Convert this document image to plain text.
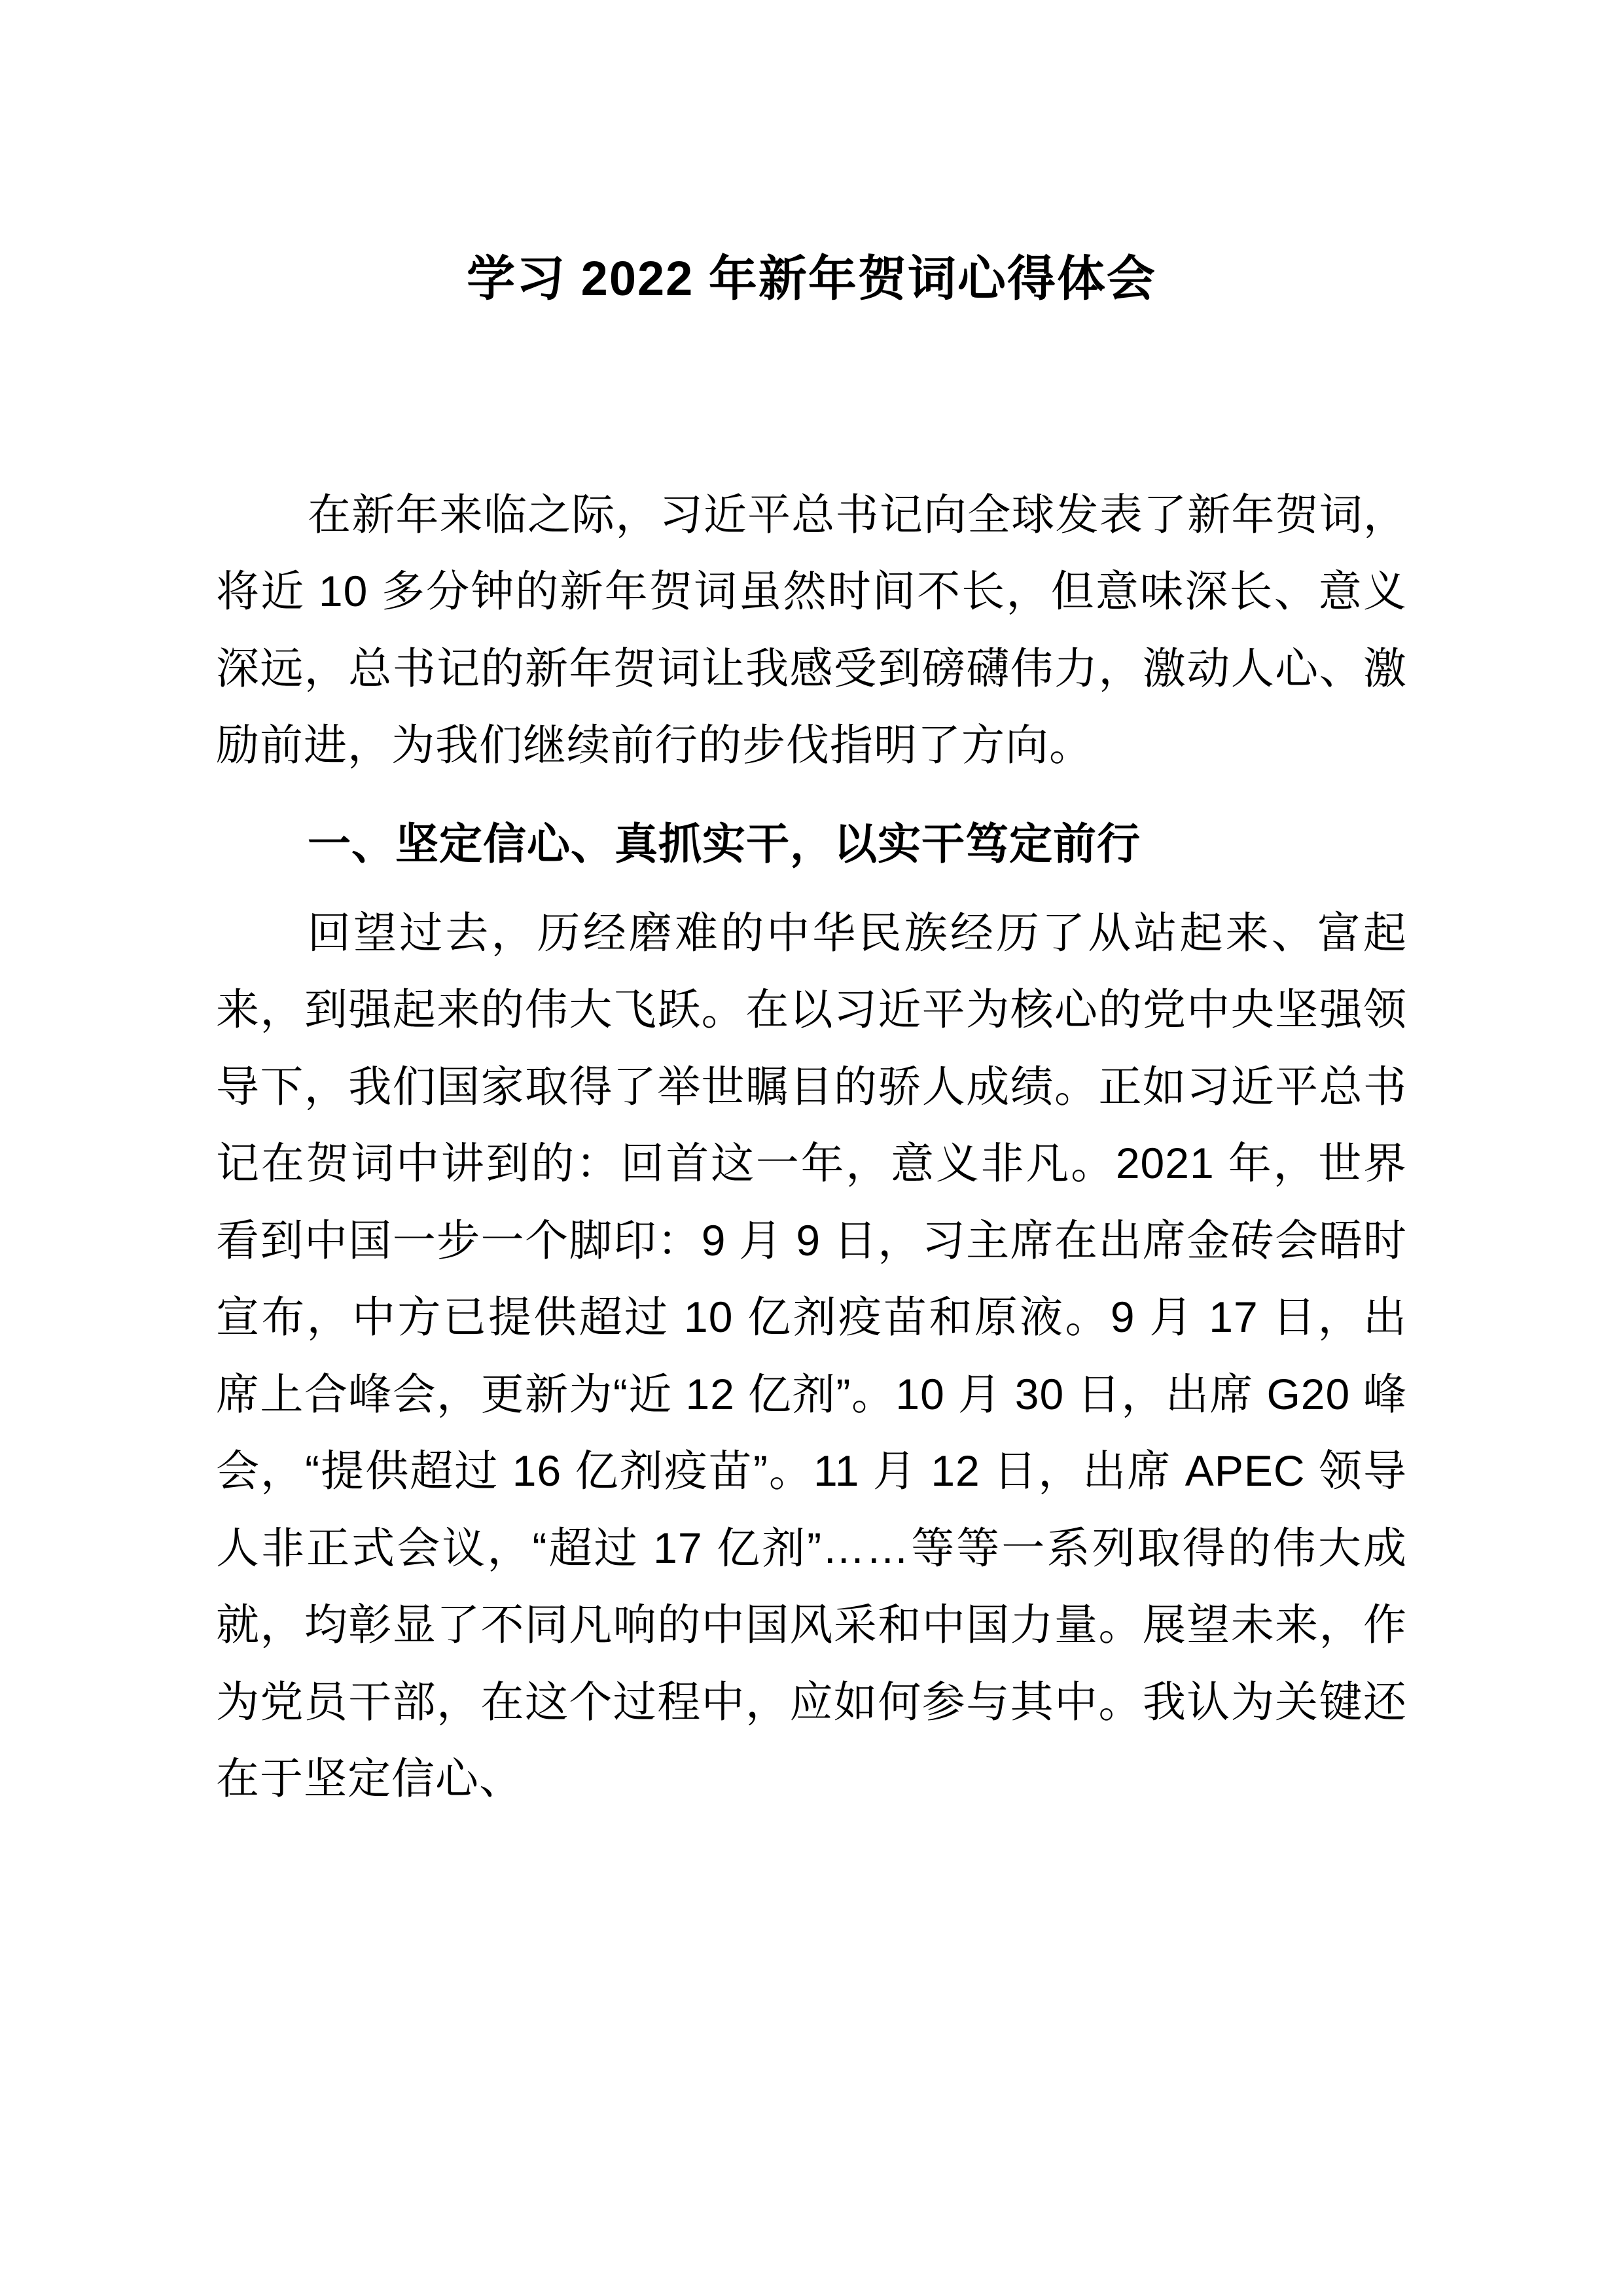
学习 2022 年新年贺词心得体会

在新年来临之际，习近平总书记向全球发表了新年贺词，将近 10 多分钟的新年贺词虽然时间不长，但意味深长、意义深远，总书记的新年贺词让我感受到磅礴伟力，激动人心、激励前进，为我们继续前行的步伐指明了方向。

一、坚定信心、真抓实干，以实干笃定前行

回望过去，历经磨难的中华民族经历了从站起来、富起来，到强起来的伟大飞跃。在以习近平为核心的党中央坚强领导下，我们国家取得了举世瞩目的骄人成绩。正如习近平总书记在贺词中讲到的：回首这一年，意义非凡。2021 年，世界看到中国一步一个脚印：9 月 9 日，习主席在出席金砖会晤时宣布，中方已提供超过 10 亿剂疫苗和原液。9 月 17 日，出席上合峰会，更新为“近 12 亿剂”。10 月 30 日，出席 G20 峰会，“提供超过 16 亿剂疫苗”。11 月 12 日，出席 APEC 领导人非正式会议，“超过 17 亿剂”……等等一系列取得的伟大成就，均彰显了不同凡响的中国风采和中国力量。展望未来，作为党员干部，在这个过程中，应如何参与其中。我认为关键还在于坚定信心、
